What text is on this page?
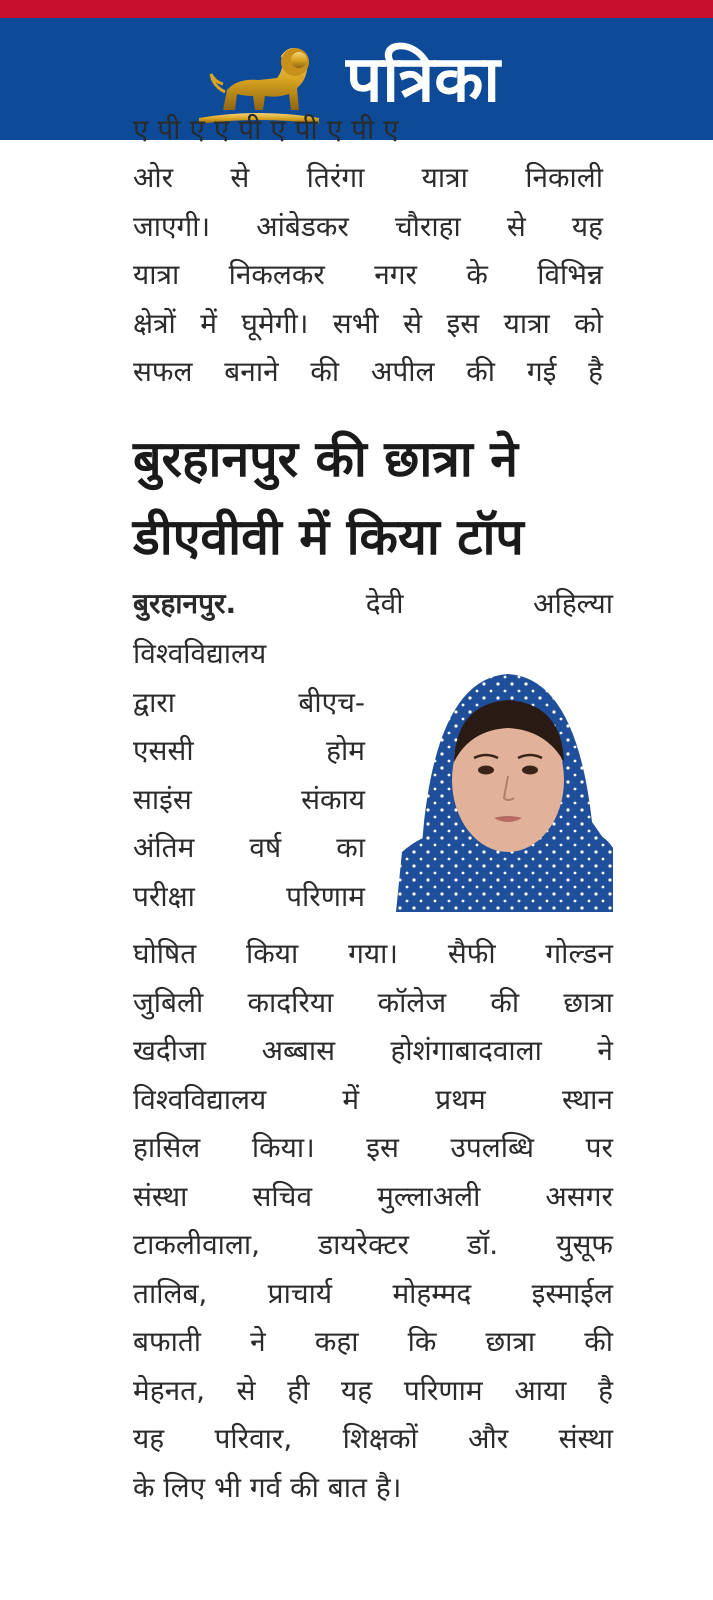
पत्रिका
ए पी ए ए पी ए पी ए पी ए
ओर से तिरंगा यात्रा निकाली
जाएगी। आंबेडकर चौराहा से यह
यात्रा निकलकर नगर के विभिन्न
क्षेत्रों में घूमेगी। सभी से इस यात्रा को
सफल बनाने की अपील की गई है
बुरहानपुर की छात्रा ने
डीएवीवी में किया टॉप
बुरहानपुर.	देवी	अहिल्या
विश्वविद्यालय
द्वारा	बीएच-
एससी	होम
साइंस	संकाय
अंतिम वर्ष का
परीक्षा	परिणाम
घोषित किया गया। सैफी गोल्डन
जुबिली कादरिया कॉलेज की छात्रा
खदीजा अब्बास होशंगाबादवाला ने
विश्वविद्यालय	में	प्रथम	स्थान
हासिल किया। इस उपलब्धि पर
संस्था सचिव मुल्लाअली असगर
टाकलीवाला, डायरेक्टर डॉ. युसूफ
तालिब, प्राचार्य मोहम्मद इस्माईल
बफाती ने कहा कि छात्रा की
मेहनत, से ही यह परिणाम आया है
यह परिवार, शिक्षकों और संस्था
के लिए भी गर्व की बात है।
